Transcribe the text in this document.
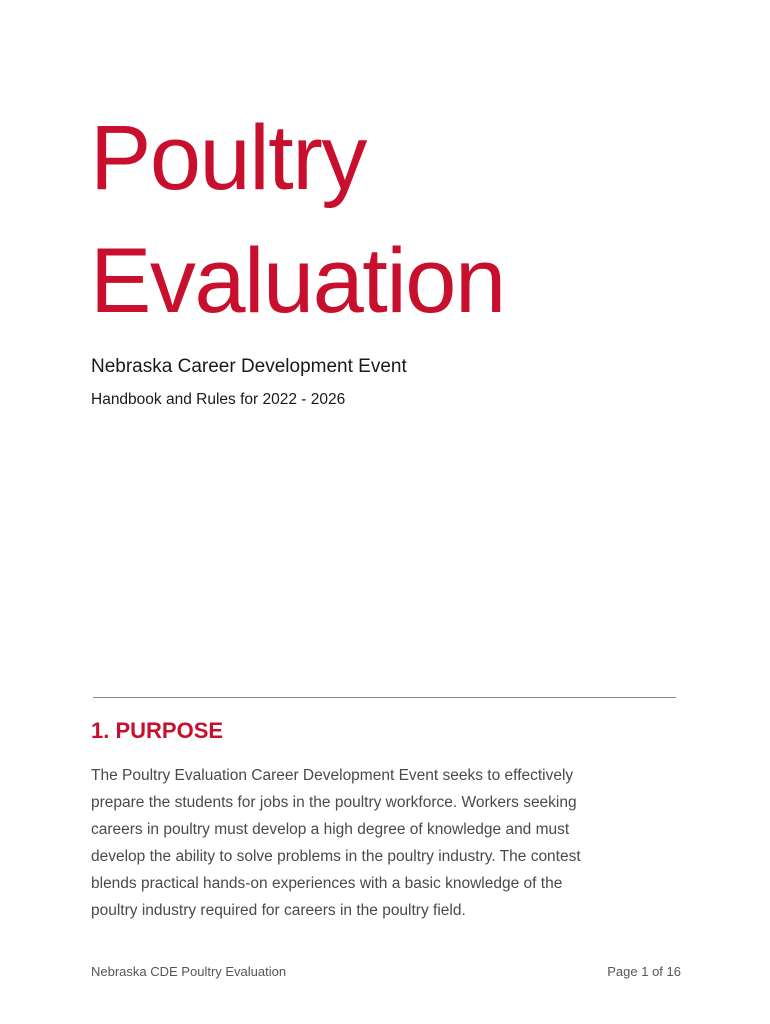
Poultry
Evaluation

Nebraska Career Development Event

Handbook and Rules for 2022 - 2026

1. PURPOSE

The Poultry Evaluation Career Development Event seeks to effectively
prepare the students for jobs in the poultry workforce. Workers seeking
careers in poultry must develop a high degree of knowledge and must
develop the ability to solve problems in the poultry industry. The contest
blends practical hands-on experiences with a basic knowledge of the
poultry industry required for careers in the poultry field.

Nebraska CDE Poultry Evaluation	Page 1 of 16
